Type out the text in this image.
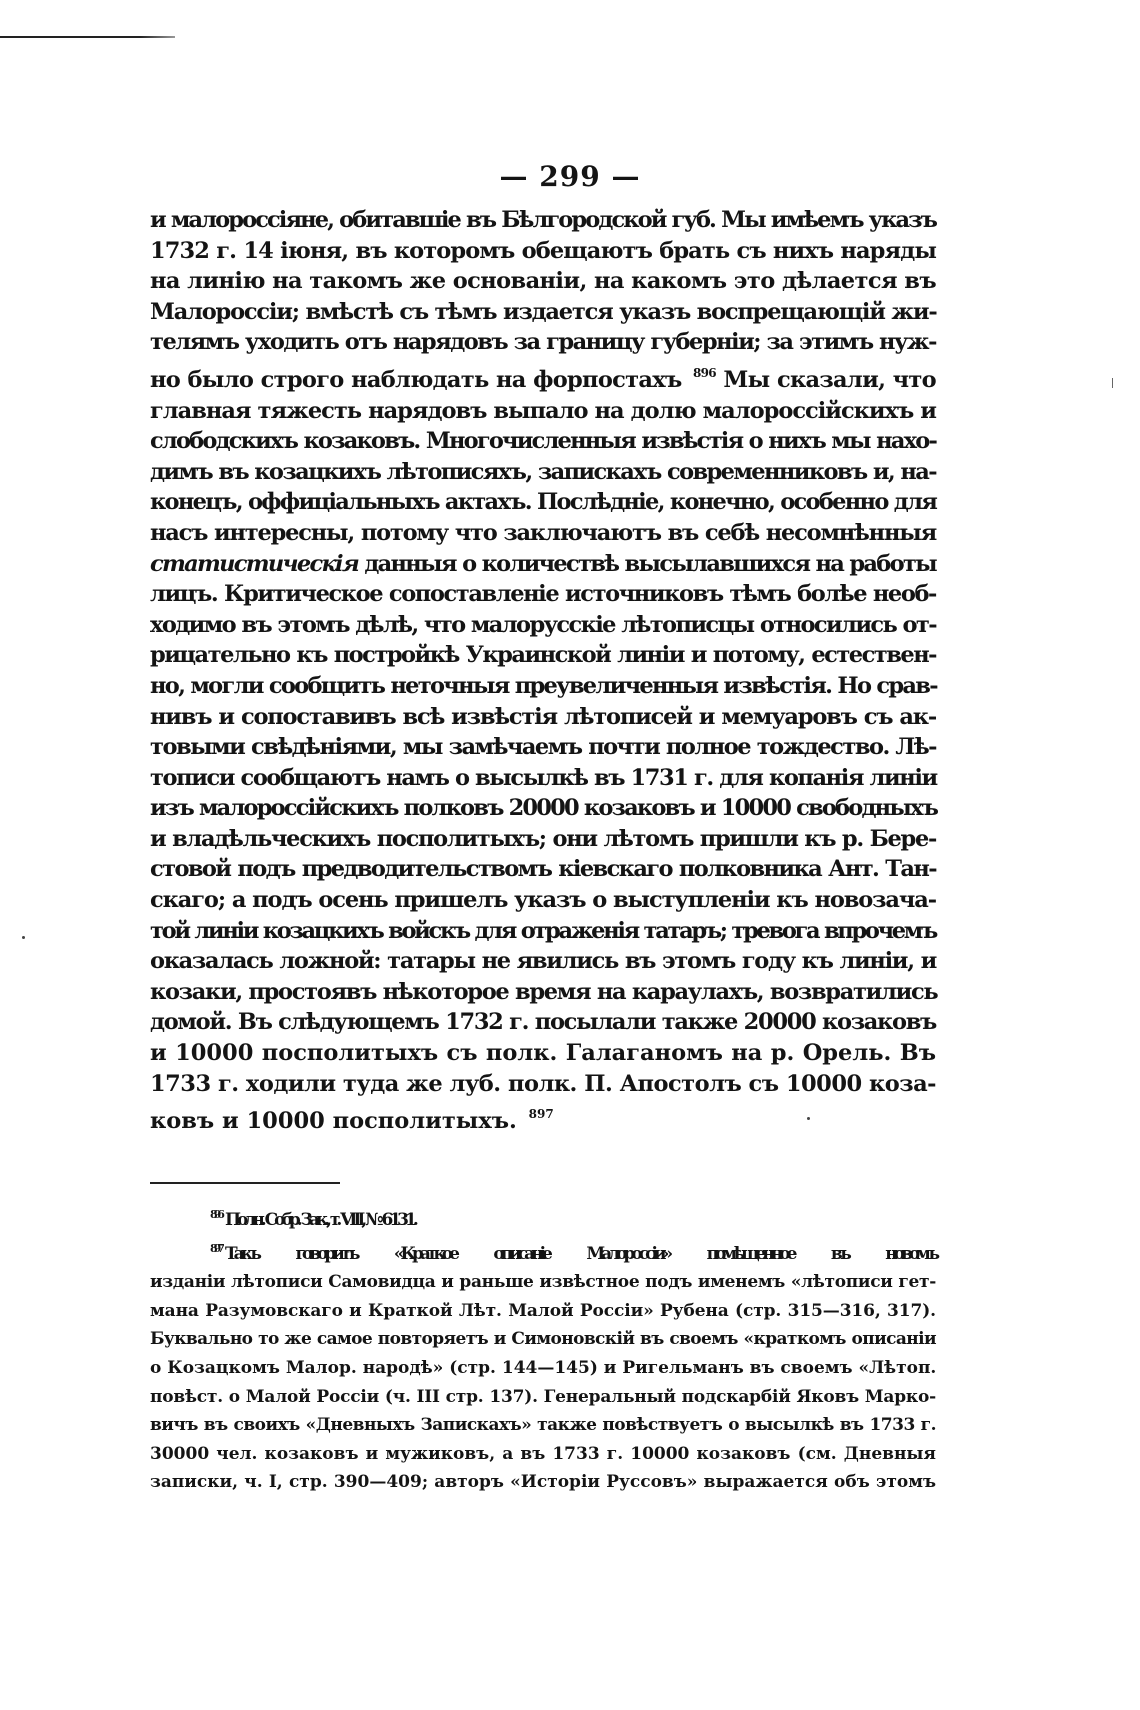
— 299 —
и малороссіяне, обитавшіе въ Бѣлгородской губ. Мы имѣемъ указъ
1732 г. 14 іюня, въ которомъ обещаютъ брать съ нихъ наряды
на линію на такомъ же основаніи, на какомъ это дѣлается въ
Малороссіи; вмѣстѣ съ тѣмъ издается указъ воспрещающій жи-
телямъ уходить отъ нарядовъ за границу губерніи; за этимъ нуж-
но было строго наблюдать на форпостахъ $^{896}$ Мы сказали, что
главная тяжесть нарядовъ выпало на долю малороссійскихъ и
слободскихъ козаковъ. Многочисленныя извѣстія о нихъ мы нахо-
димъ въ козацкихъ лѣтописяхъ, запискахъ современниковъ и, на-
конецъ, оффиціальныхъ актахъ. Послѣдніе, конечно, особенно для
насъ интересны, потому что заключаютъ въ себѣ несомнѣнныя
статистическія данныя о количествѣ высылавшихся на работы
лицъ. Критическое сопоставленіе источниковъ тѣмъ болѣе необ-
ходимо въ этомъ дѣлѣ, что малорусскіе лѣтописцы относились от-
рицательно къ постройкѣ Украинской линіи и потому, естествен-
но, могли сообщить неточныя преувеличенныя извѣстія. Но срав-
нивъ и сопоставивъ всѣ извѣстія лѣтописей и мемуаровъ съ ак-
товыми свѣдѣніями, мы замѣчаемъ почти полное тождество. Лѣ-
тописи сообщаютъ намъ о высылкѣ въ 1731 г. для копанія линіи
изъ малороссійскихъ полковъ 20000 козаковъ и 10000 свободныхъ
и владѣльческихъ посполитыхъ; они лѣтомъ пришли къ р. Бере-
стовой подъ предводительствомъ кіевскаго полковника Ант. Тан-
скаго; а подъ осень пришелъ указъ о выступленіи къ новозача-
той линіи козацкихъ войскъ для отраженія татаръ; тревога впрочемъ
оказалась ложной: татары не явились въ этомъ году къ линіи, и
козаки, простоявъ нѣкоторое время на караулахъ, возвратились
домой. Въ слѣдующемъ 1732 г. посылали также 20000 козаковъ
и 10000 посполитыхъ съ полк. Галаганомъ на р. Орель. Въ
1733 г. ходили туда же луб. полк. П. Апостолъ съ 10000 коза-
ковъ и 10000 посполитыхъ. $^{897}$
$^{896}$ Полн. Собр. Зак., т. VIII, № 6131.
$^{897}$ Такъ говоритъ «Краткое описаніе Малороссіи» помѣщенное въ новомъ
изданіи лѣтописи Самовидца и раньше извѣстное подъ именемъ «лѣтописи гет-
мана Разумовскаго и Краткой Лѣт. Малой Россіи» Рубена (стр. 315—316, 317).
Буквально то же самое повторяетъ и Симоновскій въ своемъ «краткомъ описаніи
о Козацкомъ Малор. народѣ» (стр. 144—145) и Ригельманъ въ своемъ «Лѣтоп.
повѣст. о Малой Россіи (ч. III стр. 137). Генеральный подскарбій Яковъ Марко-
вичъ въ своихъ «Дневныхъ Запискахъ» также повѣствуетъ о высылкѣ въ 1733 г.
30000 чел. козаковъ и мужиковъ, а въ 1733 г. 10000 козаковъ (см. Дневныя
записки, ч. I, стр. 390—409; авторъ «Исторіи Руссовъ» выражается объ этомъ
